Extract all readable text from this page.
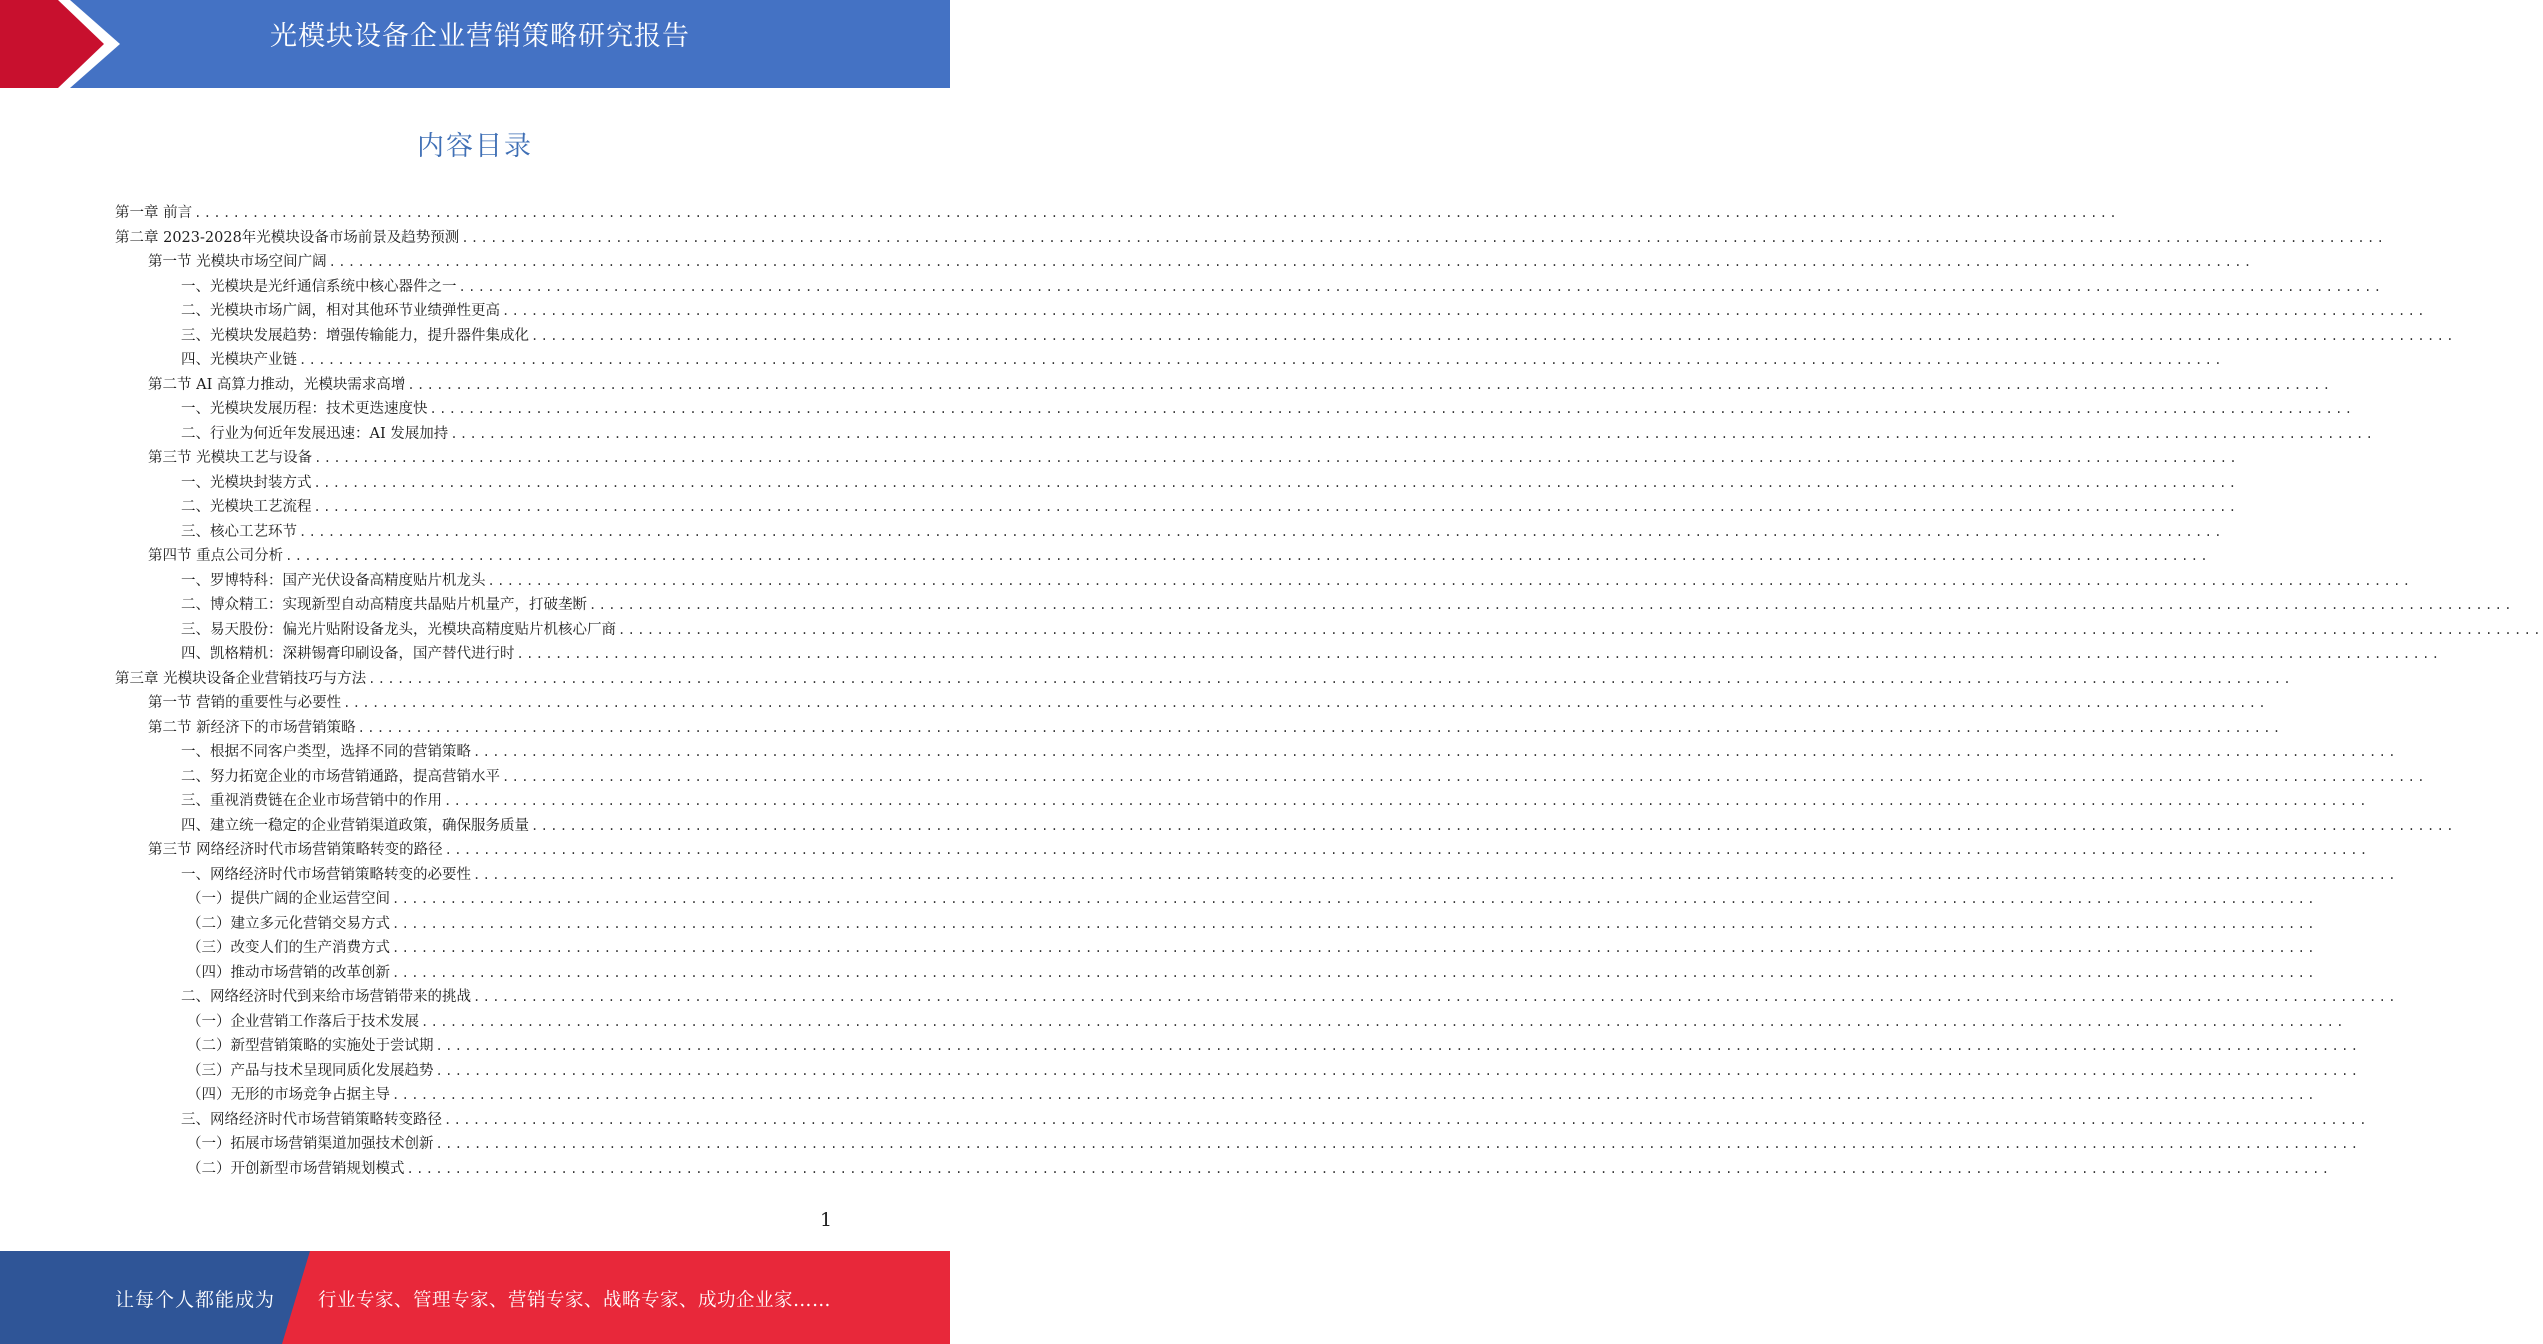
光模块设备企业营销策略研究报告
内容目录
第一章 前言 ........................................................................................................................................................................................................
第二章 2023-2028年光模块设备市场前景及趋势预测 ........................................................................................................................................................................................................
第一节 光模块市场空间广阔 ........................................................................................................................................................................................................
一、光模块是光纤通信系统中核心器件之一 ........................................................................................................................................................................................................
二、光模块市场广阔，相对其他环节业绩弹性更高 ........................................................................................................................................................................................................
三、光模块发展趋势：增强传输能力，提升器件集成化 ........................................................................................................................................................................................................
四、光模块产业链 ........................................................................................................................................................................................................
第二节 AI 高算力推动，光模块需求高增 ........................................................................................................................................................................................................
一、光模块发展历程：技术更迭速度快 ........................................................................................................................................................................................................
二、行业为何近年发展迅速：AI 发展加持 ........................................................................................................................................................................................................
第三节 光模块工艺与设备 ........................................................................................................................................................................................................
一、光模块封装方式 ........................................................................................................................................................................................................
二、光模块工艺流程 ........................................................................................................................................................................................................
三、核心工艺环节 ........................................................................................................................................................................................................
第四节 重点公司分析 ........................................................................................................................................................................................................
一、罗博特科：国产光伏设备高精度贴片机龙头 ........................................................................................................................................................................................................
二、博众精工：实现新型自动高精度共晶贴片机量产，打破垄断 ........................................................................................................................................................................................................
三、易天股份：偏光片贴附设备龙头，光模块高精度贴片机核心厂商 ........................................................................................................................................................................................................
四、凯格精机：深耕锡膏印刷设备，国产替代进行时 ........................................................................................................................................................................................................
第三章 光模块设备企业营销技巧与方法 ........................................................................................................................................................................................................
第一节 营销的重要性与必要性 ........................................................................................................................................................................................................
第二节 新经济下的市场营销策略 ........................................................................................................................................................................................................
一、根据不同客户类型，选择不同的营销策略 ........................................................................................................................................................................................................
二、努力拓宽企业的市场营销通路，提高营销水平 ........................................................................................................................................................................................................
三、重视消费链在企业市场营销中的作用 ........................................................................................................................................................................................................
四、建立统一稳定的企业营销渠道政策，确保服务质量 ........................................................................................................................................................................................................
第三节 网络经济时代市场营销策略转变的路径 ........................................................................................................................................................................................................
一、网络经济时代市场营销策略转变的必要性 ........................................................................................................................................................................................................
（一）提供广阔的企业运营空间 ........................................................................................................................................................................................................
（二）建立多元化营销交易方式 ........................................................................................................................................................................................................
（三）改变人们的生产消费方式 ........................................................................................................................................................................................................
（四）推动市场营销的改革创新 ........................................................................................................................................................................................................
二、网络经济时代到来给市场营销带来的挑战 ........................................................................................................................................................................................................
（一）企业营销工作落后于技术发展 ........................................................................................................................................................................................................
（二）新型营销策略的实施处于尝试期 ........................................................................................................................................................................................................
（三）产品与技术呈现同质化发展趋势 ........................................................................................................................................................................................................
（四）无形的市场竞争占据主导 ........................................................................................................................................................................................................
三、网络经济时代市场营销策略转变路径 ........................................................................................................................................................................................................
（一）拓展市场营销渠道加强技术创新 ........................................................................................................................................................................................................
（二）开创新型市场营销规划模式 ........................................................................................................................................................................................................
1
让每个人都能成为 行业专家、管理专家、营销专家、战略专家、成功企业家……
